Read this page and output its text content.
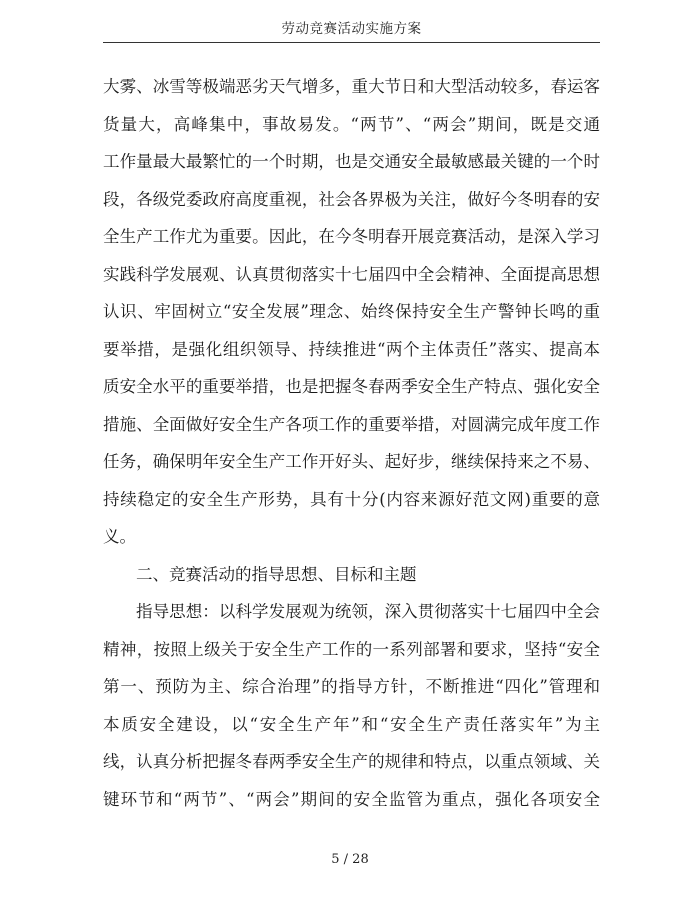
劳动竞赛活动实施方案
大雾、冰雪等极端恶劣天气增多，重大节日和大型活动较多，春运客
货量大，高峰集中，事故易发。“两节”、“两会”期间，既是交通
工作量最大最繁忙的一个时期，也是交通安全最敏感最关键的一个时
段，各级党委政府高度重视，社会各界极为关注，做好今冬明春的安
全生产工作尤为重要。因此，在今冬明春开展竞赛活动，是深入学习
实践科学发展观、认真贯彻落实十七届四中全会精神、全面提高思想
认识、牢固树立“安全发展”理念、始终保持安全生产警钟长鸣的重
要举措，是强化组织领导、持续推进“两个主体责任”落实、提高本
质安全水平的重要举措，也是把握冬春两季安全生产特点、强化安全
措施、全面做好安全生产各项工作的重要举措，对圆满完成年度工作
任务，确保明年安全生产工作开好头、起好步，继续保持来之不易、
持续稳定的安全生产形势，具有十分(内容来源好范文网)重要的意
义。
二、竞赛活动的指导思想、目标和主题
指导思想：以科学发展观为统领，深入贯彻落实十七届四中全会
精神，按照上级关于安全生产工作的一系列部署和要求，坚持“安全
第一、预防为主、综合治理”的指导方针，不断推进“四化”管理和
本质安全建设，以“安全生产年”和“安全生产责任落实年”为主
线，认真分析把握冬春两季安全生产的规律和特点，以重点领域、关
键环节和“两节”、“两会”期间的安全监管为重点，强化各项安全
5 / 28
